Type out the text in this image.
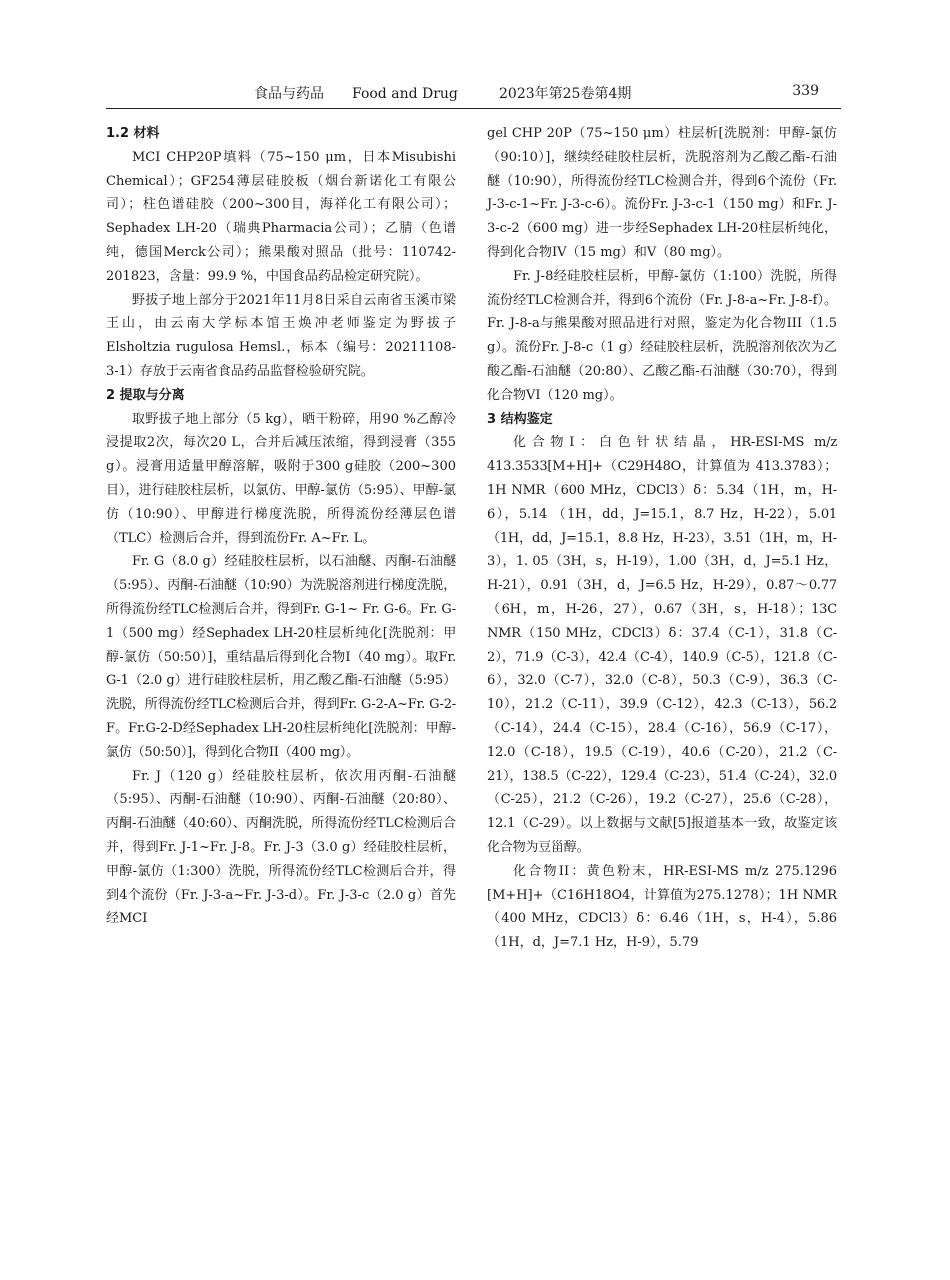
食品与药品　　Food and Drug	2023年第25卷第4期	339
1.2 材料

MCI CHP20P填料（75~150 μm，日本Misubishi Chemical）；GF254薄层硅胶板（烟台新诺化工有限公司）；柱色谱硅胶（200~300目，海祥化工有限公司）；Sephadex LH-20（瑞典Pharmacia公司）；乙腈（色谱纯，德国Merck公司）；熊果酸对照品（批号：110742-201823，含量：99.9 %，中国食品药品检定研究院）。

野拔子地上部分于2021年11月8日采自云南省玉溪市梁王山，由云南大学标本馆王焕冲老师鉴定为野拔子Elsholtzia rugulosa Hemsl.，标本（编号：20211108-3-1）存放于云南省食品药品监督检验研究院。

2 提取与分离

取野拔子地上部分（5 kg），晒干粉碎，用90 %乙醇冷浸提取2次，每次20 L，合并后减压浓缩，得到浸膏（355 g）。浸膏用适量甲醇溶解，吸附于300 g硅胶（200~300目），进行硅胶柱层析，以氯仿、甲醇-氯仿（5:95）、甲醇-氯仿（10:90）、甲醇进行梯度洗脱，所得流份经薄层色谱（TLC）检测后合并，得到流份Fr. A~Fr. L。

Fr. G（8.0 g）经硅胶柱层析，以石油醚、丙酮-石油醚（5:95）、丙酮-石油醚（10:90）为洗脱溶剂进行梯度洗脱，所得流份经TLC检测后合并，得到Fr. G-1~ Fr. G-6。Fr. G-1（500 mg）经Sephadex LH-20柱层析纯化[洗脱剂：甲醇-氯仿（50:50）]，重结晶后得到化合物I（40 mg）。取Fr. G-1（2.0 g）进行硅胶柱层析，用乙酸乙酯-石油醚（5:95）洗脱，所得流份经TLC检测后合并，得到Fr. G-2-A~Fr. G-2-F。Fr.G-2-D经Sephadex LH-20柱层析纯化[洗脱剂：甲醇-氯仿（50:50）]，得到化合物II（400 mg）。

Fr. J（120 g）经硅胶柱层析，依次用丙酮-石油醚（5:95）、丙酮-石油醚（10:90）、丙酮-石油醚（20:80）、丙酮-石油醚（40:60）、丙酮洗脱，所得流份经TLC检测后合并，得到Fr. J-1~Fr. J-8。Fr. J-3（3.0 g）经硅胶柱层析，甲醇-氯仿（1:300）洗脱，所得流份经TLC检测后合并，得到4个流份（Fr. J-3-a~Fr. J-3-d）。Fr. J-3-c（2.0 g）首先经MCI

gel CHP 20P（75~150 μm）柱层析[洗脱剂：甲醇-氯仿（90:10）]，继续经硅胶柱层析，洗脱溶剂为乙酸乙酯-石油醚（10:90），所得流份经TLC检测合并，得到6个流份（Fr. J-3-c-1~Fr. J-3-c-6）。流份Fr. J-3-c-1（150 mg）和Fr. J-3-c-2（600 mg）进一步经Sephadex LH-20柱层析纯化，得到化合物IV（15 mg）和V（80 mg）。

Fr. J-8经硅胶柱层析，甲醇-氯仿（1:100）洗脱，所得流份经TLC检测合并，得到6个流份（Fr. J-8-a~Fr. J-8-f）。Fr. J-8-a与熊果酸对照品进行对照，鉴定为化合物III（1.5 g）。流份Fr. J-8-c（1 g）经硅胶柱层析，洗脱溶剂依次为乙酸乙酯-石油醚（20:80）、乙酸乙酯-石油醚（30:70），得到化合物VI（120 mg）。

3 结构鉴定

化合物I：白色针状结晶，HR-ESI-MS m/z 413.3533[M+H]+（C29H48O，计算值为 413.3783）；1H NMR（600 MHz，CDCl3）δ：5.34（1H，m，H-6），5.14 （1H，dd，J=15.1，8.7 Hz，H-22），5.01（1H，dd，J=15.1，8.8 Hz，H-23），3.51（1H，m，H-3），1. 05（3H，s，H-19），1.00（3H，d，J=5.1 Hz，H-21），0.91（3H，d，J=6.5 Hz，H-29），0.87～0.77（6H，m，H-26，27），0.67（3H，s，H-18）；13C NMR（150 MHz，CDCl3）δ：37.4（C-1），31.8（C-2），71.9（C-3），42.4（C-4），140.9（C-5），121.8（C-6），32.0（C-7），32.0（C-8），50.3（C-9），36.3（C-10），21.2（C-11），39.9（C-12），42.3（C-13），56.2（C-14），24.4（C-15），28.4（C-16），56.9（C-17），12.0（C-18），19.5（C-19），40.6（C-20），21.2（C-21），138.5（C-22），129.4（C-23），51.4（C-24），32.0（C-25），21.2（C-26），19.2（C-27），25.6（C-28），12.1（C-29）。以上数据与文献[5]报道基本一致，故鉴定该化合物为豆甾醇。

化合物II：黄色粉末，HR-ESI-MS m/z 275.1296 [M+H]+（C16H18O4，计算值为275.1278）；1H NMR（400 MHz，CDCl3）δ：6.46（1H，s，H-4），5.86（1H，d，J=7.1 Hz，H-9），5.79
